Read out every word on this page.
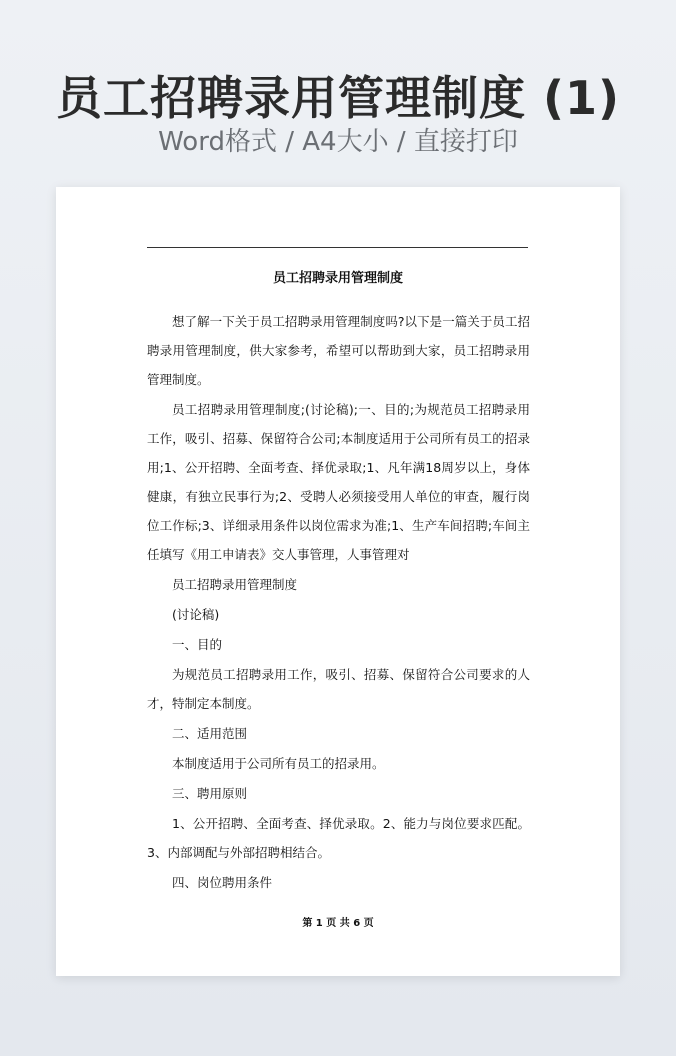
员工招聘录用管理制度 (1)
Word格式 / A4大小 / 直接打印
员工招聘录用管理制度

想了解一下关于员工招聘录用管理制度吗?以下是一篇关于员工招聘录用管理制度，供大家参考，希望可以帮助到大家，员工招聘录用管理制度。

员工招聘录用管理制度;(讨论稿);一、目的;为规范员工招聘录用工作，吸引、招募、保留符合公司;本制度适用于公司所有员工的招录用;1、公开招聘、全面考查、择优录取;1、凡年满18周岁以上，身体健康，有独立民事行为;2、受聘人必须接受用人单位的审查，履行岗位工作标;3、详细录用条件以岗位需求为准;1、生产车间招聘;车间主任填写《用工申请表》交人事管理，人事管理对

员工招聘录用管理制度

(讨论稿)

一、目的

为规范员工招聘录用工作，吸引、招募、保留符合公司要求的人才，特制定本制度。

二、适用范围

本制度适用于公司所有员工的招录用。

三、聘用原则

1、公开招聘、全面考查、择优录取。2、能力与岗位要求匹配。3、内部调配与外部招聘相结合。

四、岗位聘用条件

第 1 页 共 6 页
